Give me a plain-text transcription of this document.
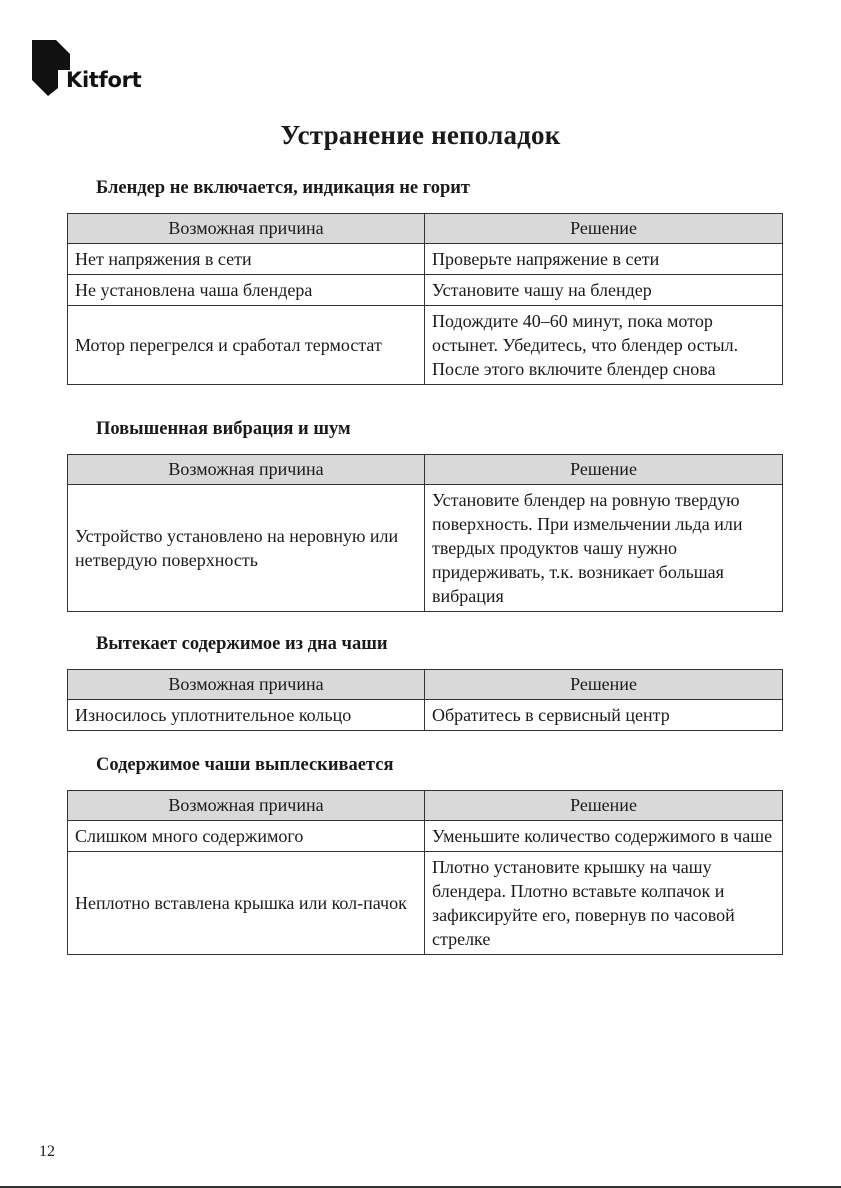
Kitfort
Устранение неполадок
Блендер не включается, индикация не горит
Возможная причина	Решение
Нет напряжения в сети	Проверьте напряжение в сети
Не установлена чаша блендера	Установите чашу на блендер
Мотор перегрелся и сработал термостат	Подождите 40–60 минут, пока мотор остынет. Убедитесь, что блендер остыл. После этого включите блендер снова
Повышенная вибрация и шум
Возможная причина	Решение
Устройство установлено на неровную или нетвердую поверхность	Установите блендер на ровную твердую поверхность. При измельчении льда или твердых продуктов чашу нужно придерживать, т.к. возникает большая вибрация
Вытекает содержимое из дна чаши
Возможная причина	Решение
Износилось уплотнительное кольцо	Обратитесь в сервисный центр
Содержимое чаши выплескивается
Возможная причина	Решение
Слишком много содержимого	Уменьшите количество содержимого в чаше
Неплотно вставлена крышка или кол-пачок	Плотно установите крышку на чашу блендера. Плотно вставьте колпачок и зафиксируйте его, повернув по часовой стрелке
12
